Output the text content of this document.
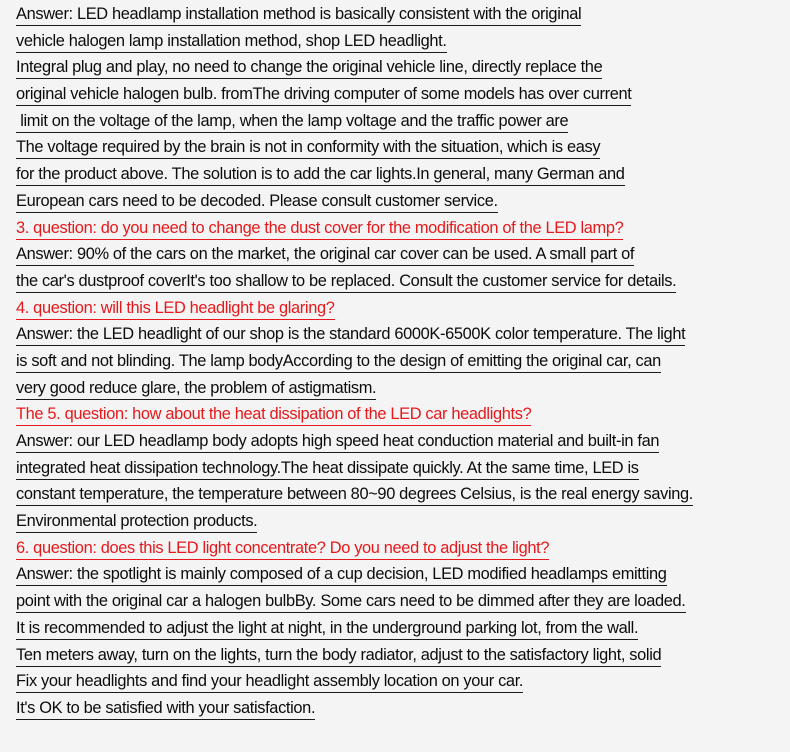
Answer: LED headlamp installation method is basically consistent with the original
vehicle halogen lamp installation method, shop LED headlight.
Integral plug and play, no need to change the original vehicle line, directly replace the
original vehicle halogen bulb. fromThe driving computer of some models has over current
limit on the voltage of the lamp, when the lamp voltage and the traffic power are
The voltage required by the brain is not in conformity with the situation, which is easy
for the product above. The solution is to add the car lights.In general, many German and
European cars need to be decoded. Please consult customer service.
3. question: do you need to change the dust cover for the modification of the LED lamp?
Answer: 90% of the cars on the market, the original car cover can be used. A small part of
the car's dustproof coverIt's too shallow to be replaced. Consult the customer service for details.
4. question: will this LED headlight be glaring?
Answer: the LED headlight of our shop is the standard 6000K-6500K color temperature. The light
is soft and not blinding. The lamp bodyAccording to the design of emitting the original car, can
very good reduce glare, the problem of astigmatism.
The 5. question: how about the heat dissipation of the LED car headlights?
Answer: our LED headlamp body adopts high speed heat conduction material and built-in fan
integrated heat dissipation technology.The heat dissipate quickly. At the same time, LED is
constant temperature, the temperature between 80~90 degrees Celsius, is the real energy saving.
Environmental protection products.
6. question: does this LED light concentrate? Do you need to adjust the light?
Answer: the spotlight is mainly composed of a cup decision, LED modified headlamps emitting
point with the original car a halogen bulbBy. Some cars need to be dimmed after they are loaded.
It is recommended to adjust the light at night, in the underground parking lot, from the wall.
Ten meters away, turn on the lights, turn the body radiator, adjust to the satisfactory light, solid
Fix your headlights and find your headlight assembly location on your car.
It's OK to be satisfied with your satisfaction.
